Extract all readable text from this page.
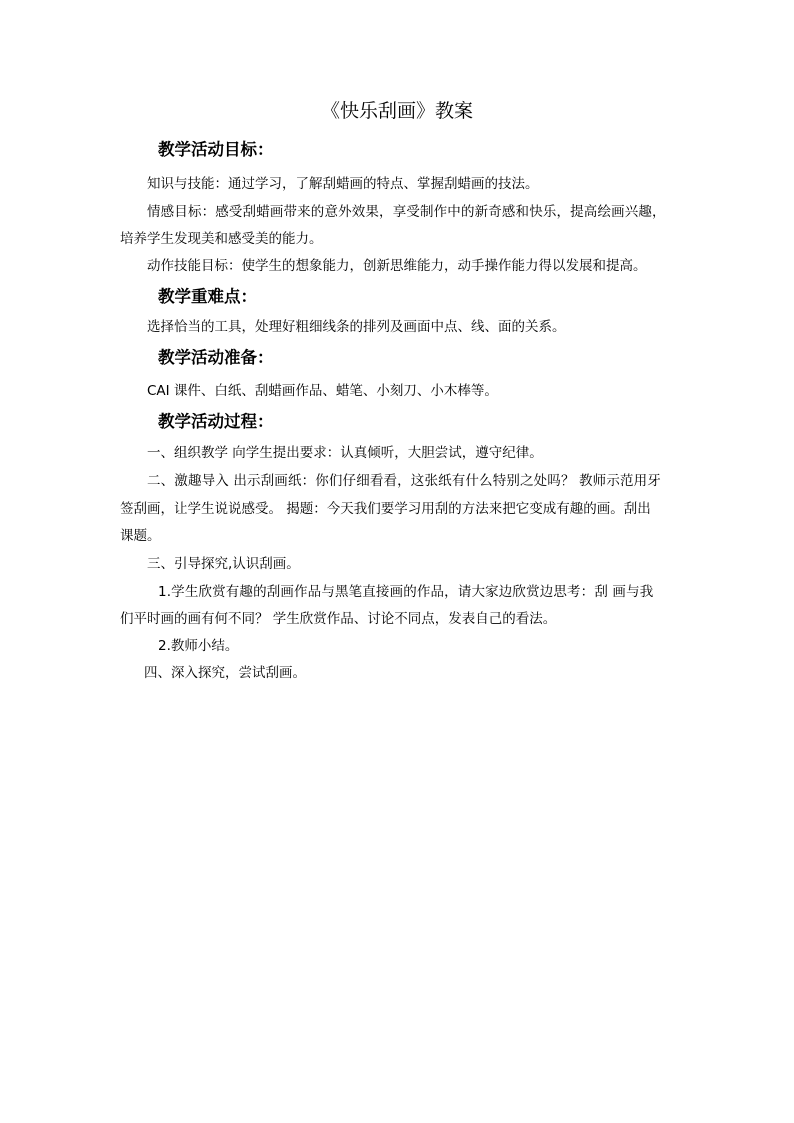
《快乐刮画》教案
教学活动目标：
知识与技能：通过学习，了解刮蜡画的特点、掌握刮蜡画的技法。
情感目标：感受刮蜡画带来的意外效果，享受制作中的新奇感和快乐，提高绘画兴趣，
培养学生发现美和感受美的能力。
动作技能目标：使学生的想象能力，创新思维能力，动手操作能力得以发展和提高。
教学重难点：
选择恰当的工具，处理好粗细线条的排列及画面中点、线、面的关系。
教学活动准备：
CAI 课件、白纸、刮蜡画作品、蜡笔、小刻刀、小木棒等。
教学活动过程：
一、组织教学 向学生提出要求：认真倾听，大胆尝试，遵守纪律。
二、激趣导入 出示刮画纸：你们仔细看看，这张纸有什么特别之处吗？ 教师示范用牙
签刮画，让学生说说感受。 揭题：今天我们要学习用刮的方法来把它变成有趣的画。刮出
课题。
三、引导探究,认识刮画。
1.学生欣赏有趣的刮画作品与黑笔直接画的作品，请大家边欣赏边思考：刮 画与我
们平时画的画有何不同？ 学生欣赏作品、讨论不同点，发表自己的看法。
2.教师小结。
四、深入探究，尝试刮画。
